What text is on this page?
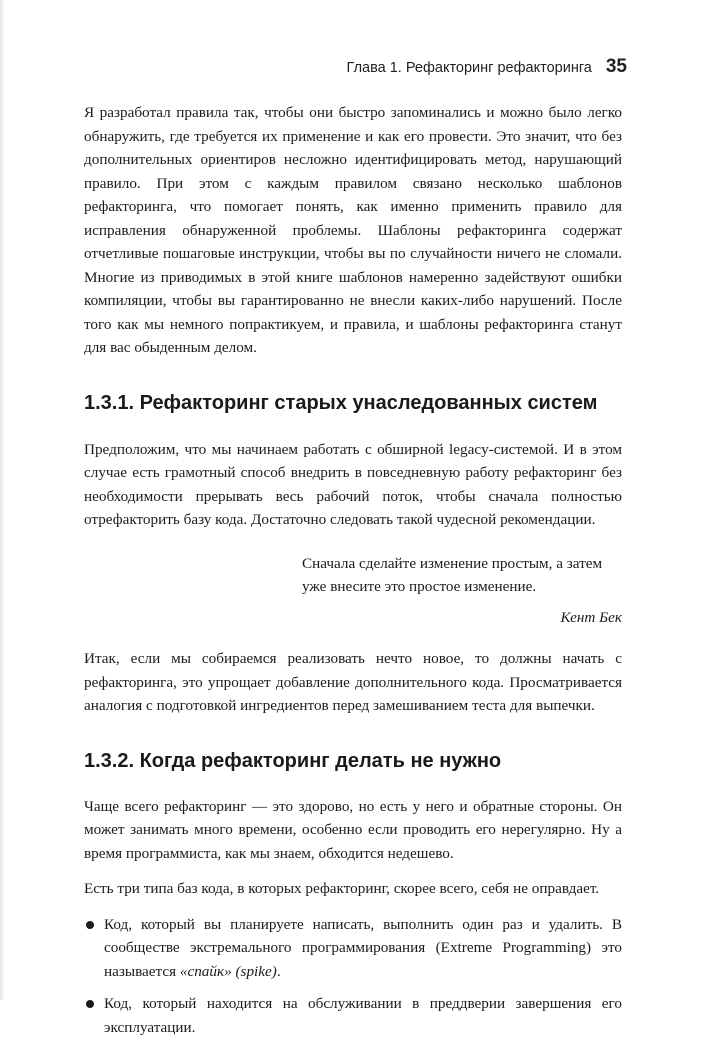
Глава 1. Рефакторинг рефакторинга 35

Я разработал правила так, чтобы они быстро запоминались и можно было легко обнаружить, где требуется их применение и как его провести. Это значит, что без дополнительных ориентиров несложно идентифицировать метод, нарушающий правило. При этом с каждым правилом связано несколько шаблонов рефакторинга, что помогает понять, как именно применить правило для исправления обнаруженной проблемы. Шаблоны рефакторинга содержат отчетливые пошаговые инструкции, чтобы вы по случайности ничего не сломали. Многие из приводимых в этой книге шаблонов намеренно задействуют ошибки компиляции, чтобы вы гарантированно не внесли каких-либо нарушений. После того как мы немного попрактикуем, и правила, и шаблоны рефакторинга станут для вас обыденным делом.

1.3.1. Рефакторинг старых унаследованных систем

Предположим, что мы начинаем работать с обширной legacy-системой. И в этом случае есть грамотный способ внедрить в повседневную работу рефакторинг без необходимости прерывать весь рабочий поток, чтобы сначала полностью отрефакторить базу кода. Достаточно следовать такой чудесной рекомендации.

Сначала сделайте изменение простым, а затем уже внесите это простое изменение.
Кент Бек

Итак, если мы собираемся реализовать нечто новое, то должны начать с рефакторинга, это упрощает добавление дополнительного кода. Просматривается аналогия с подготовкой ингредиентов перед замешиванием теста для выпечки.

1.3.2. Когда рефакторинг делать не нужно

Чаще всего рефакторинг — это здорово, но есть у него и обратные стороны. Он может занимать много времени, особенно если проводить его нерегулярно. Ну а время программиста, как мы знаем, обходится недешево.

Есть три типа баз кода, в которых рефакторинг, скорее всего, себя не оправдает.

Код, который вы планируете написать, выполнить один раз и удалить. В сообществе экстремального программирования (Extreme Programming) это называется «спайк» (spike).
Код, который находится на обслуживании в преддверии завершения его эксплуатации.
